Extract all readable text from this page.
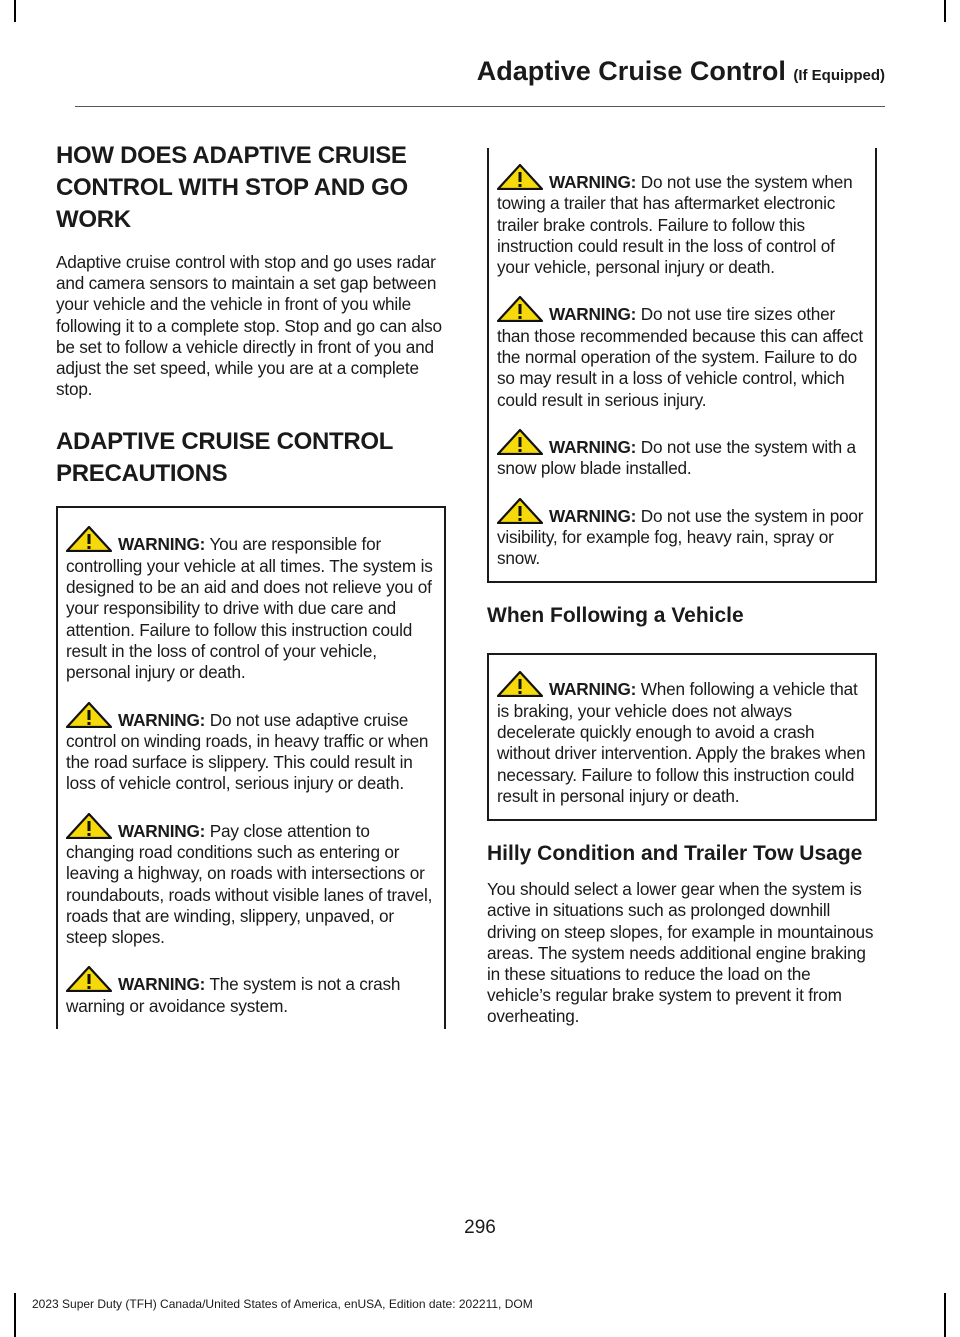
Adaptive Cruise Control (If Equipped)
HOW DOES ADAPTIVE CRUISE CONTROL WITH STOP AND GO WORK

Adaptive cruise control with stop and go uses radar and camera sensors to maintain a set gap between your vehicle and the vehicle in front of you while following it to a complete stop. Stop and go can also be set to follow a vehicle directly in front of you and adjust the set speed, while you are at a complete stop.

ADAPTIVE CRUISE CONTROL PRECAUTIONS
WARNING: You are responsible for controlling your vehicle at all times. The system is designed to be an aid and does not relieve you of your responsibility to drive with due care and attention. Failure to follow this instruction could result in the loss of control of your vehicle, personal injury or death.
WARNING: Do not use adaptive cruise control on winding roads, in heavy traffic or when the road surface is slippery. This could result in loss of vehicle control, serious injury or death.
WARNING: Pay close attention to changing road conditions such as entering or leaving a highway, on roads with intersections or roundabouts, roads without visible lanes of travel, roads that are winding, slippery, unpaved, or steep slopes.
WARNING: The system is not a crash warning or avoidance system.
WARNING: Do not use the system when towing a trailer that has aftermarket electronic trailer brake controls. Failure to follow this instruction could result in the loss of control of your vehicle, personal injury or death.
WARNING: Do not use tire sizes other than those recommended because this can affect the normal operation of the system. Failure to do so may result in a loss of vehicle control, which could result in serious injury.
WARNING: Do not use the system with a snow plow blade installed.
WARNING: Do not use the system in poor visibility, for example fog, heavy rain, spray or snow.
When Following a Vehicle
WARNING: When following a vehicle that is braking, your vehicle does not always decelerate quickly enough to avoid a crash without driver intervention. Apply the brakes when necessary. Failure to follow this instruction could result in personal injury or death.
Hilly Condition and Trailer Tow Usage

You should select a lower gear when the system is active in situations such as prolonged downhill driving on steep slopes, for example in mountainous areas. The system needs additional engine braking in these situations to reduce the load on the vehicle’s regular brake system to prevent it from overheating.

296
2023 Super Duty (TFH) Canada/United States of America, enUSA, Edition date: 202211, DOM
